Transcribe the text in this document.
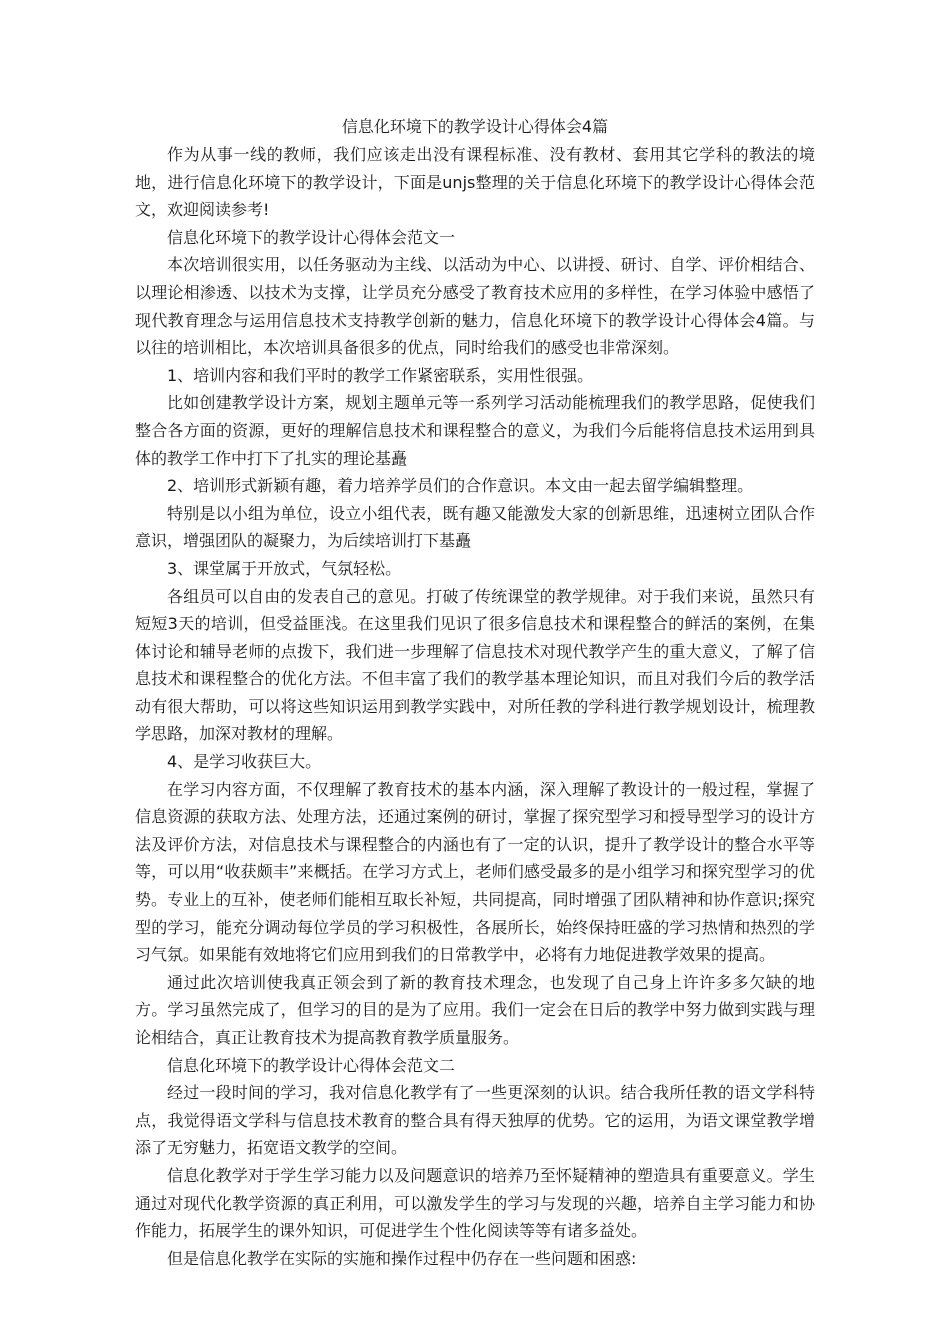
信息化环境下的教学设计心得体会4篇

作为从事一线的教师，我们应该走出没有课程标准、没有教材、套用其它学科的教法的境地，进行信息化环境下的教学设计，下面是unjs整理的关于信息化环境下的教学设计心得体会范文，欢迎阅读参考!

信息化环境下的教学设计心得体会范文一

本次培训很实用，以任务驱动为主线、以活动为中心、以讲授、研讨、自学、评价相结合、以理论相渗透、以技术为支撑，让学员充分感受了教育技术应用的多样性，在学习体验中感悟了现代教育理念与运用信息技术支持教学创新的魅力，信息化环境下的教学设计心得体会4篇。与以往的培训相比，本次培训具备很多的优点，同时给我们的感受也非常深刻。

1、培训内容和我们平时的教学工作紧密联系，实用性很强。

比如创建教学设计方案，规划主题单元等一系列学习活动能梳理我们的教学思路，促使我们整合各方面的资源，更好的理解信息技术和课程整合的意义，为我们今后能将信息技术运用到具体的教学工作中打下了扎实的理论基矗

2、培训形式新颖有趣，着力培养学员们的合作意识。本文由一起去留学编辑整理。

特别是以小组为单位，设立小组代表，既有趣又能激发大家的创新思维，迅速树立团队合作意识，增强团队的凝聚力，为后续培训打下基矗

3、课堂属于开放式，气氛轻松。

各组员可以自由的发表自己的意见。打破了传统课堂的教学规律。对于我们来说，虽然只有短短3天的培训，但受益匪浅。在这里我们见识了很多信息技术和课程整合的鲜活的案例，在集体讨论和辅导老师的点拨下，我们进一步理解了信息技术对现代教学产生的重大意义，了解了信息技术和课程整合的优化方法。不但丰富了我们的教学基本理论知识，而且对我们今后的教学活动有很大帮助，可以将这些知识运用到教学实践中，对所任教的学科进行教学规划设计，梳理教学思路，加深对教材的理解。

4、是学习收获巨大。

在学习内容方面，不仅理解了教育技术的基本内涵，深入理解了教设计的一般过程，掌握了信息资源的获取方法、处理方法，还通过案例的研讨，掌握了探究型学习和授导型学习的设计方法及评价方法，对信息技术与课程整合的内涵也有了一定的认识，提升了教学设计的整合水平等等，可以用“收获颇丰”来概括。在学习方式上，老师们感受最多的是小组学习和探究型学习的优势。专业上的互补，使老师们能相互取长补短，共同提高，同时增强了团队精神和协作意识;探究型的学习，能充分调动每位学员的学习积极性，各展所长，始终保持旺盛的学习热情和热烈的学习气氛。如果能有效地将它们应用到我们的日常教学中，必将有力地促进教学效果的提高。

通过此次培训使我真正领会到了新的教育技术理念，也发现了自己身上许许多多欠缺的地方。学习虽然完成了，但学习的目的是为了应用。我们一定会在日后的教学中努力做到实践与理论相结合，真正让教育技术为提高教育教学质量服务。

信息化环境下的教学设计心得体会范文二

经过一段时间的学习，我对信息化教学有了一些更深刻的认识。结合我所任教的语文学科特点，我觉得语文学科与信息技术教育的整合具有得天独厚的优势。它的运用，为语文课堂教学增添了无穷魅力，拓宽语文教学的空间。

信息化教学对于学生学习能力以及问题意识的培养乃至怀疑精神的塑造具有重要意义。学生通过对现代化教学资源的真正利用，可以激发学生的学习与发现的兴趣，培养自主学习能力和协作能力，拓展学生的课外知识，可促进学生个性化阅读等等有诸多益处。

但是信息化教学在实际的实施和操作过程中仍存在一些问题和困惑:
